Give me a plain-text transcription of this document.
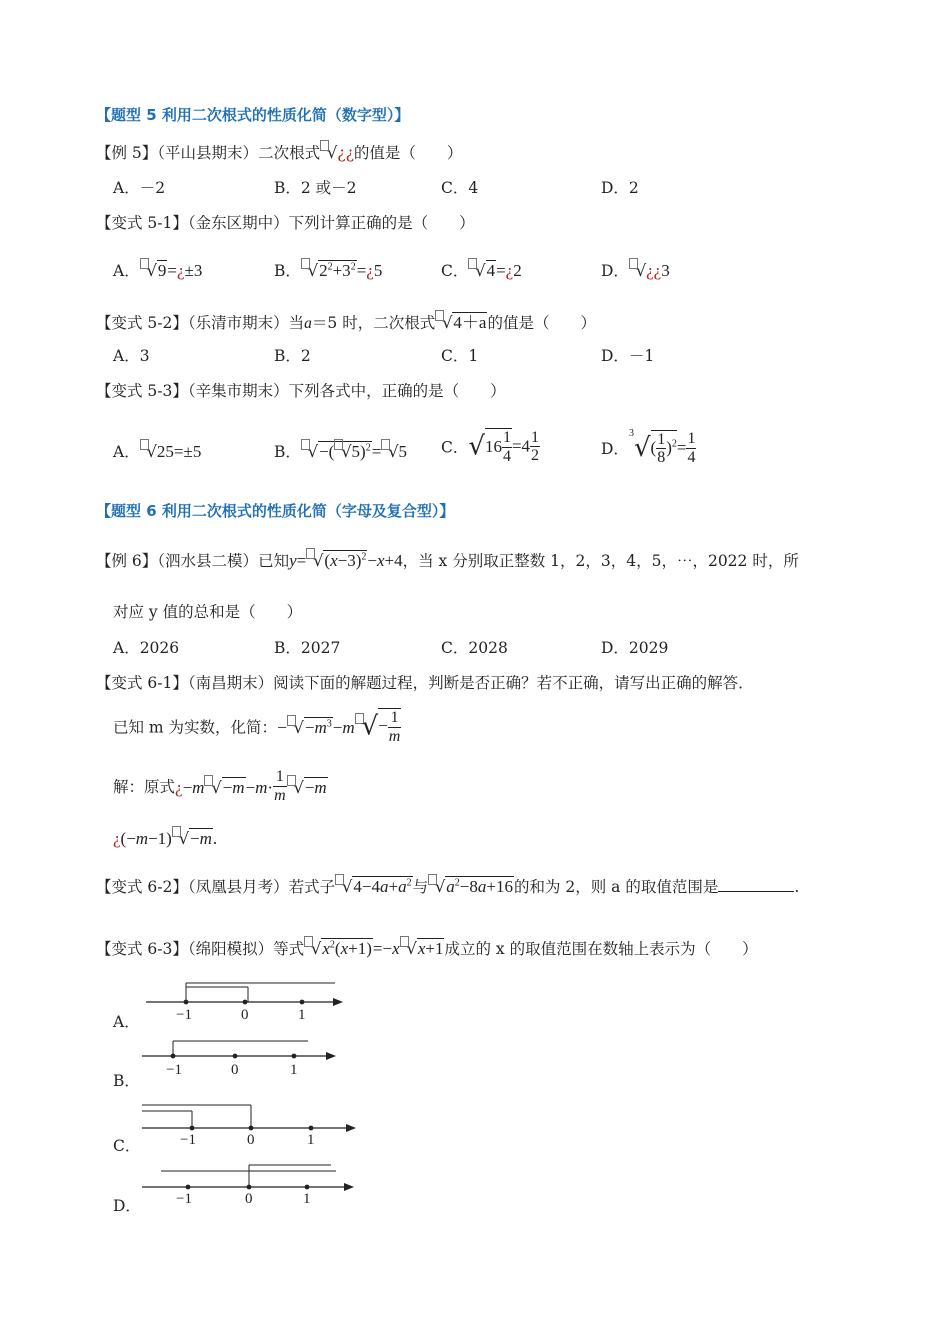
【题型 5 利用二次根式的性质化简（数字型）】
【例 5】（平山县期末）二次根式 √¿¿的值是（　　）
A．－2	B．2 或－2	C．4	D．2
【变式 5-1】（金东区期中）下列计算正确的是（　　）
A． √9=¿±3	B． $√2^2+3^2=¿5$	C． √4=¿2	D． √¿¿3
【变式 5-2】（乐清市期末）当a＝5 时，二次根式 √4＋a的值是（　　）
A．3	B．2	C．1	D．－1
【变式 5-3】（辛集市期末）下列各式中，正确的是（　　）
A． √25=±5	B． √−( √5)$^2$= √5 C．$√16 \frac{1}{4} =4 \frac{1}{2}$	D．$^3√( \frac{1}{8} )^2= \frac{1}{4}$
【题型 6 利用二次根式的性质化简（字母及复合型）】
【例 6】（泗水县二模）已知$y= √(x-3)^2-x+4$，当 x 分别取正整数 1，2，3，4，5，⋯，2022 时，所
对应 y 值的总和是（　　）
A．2026	B．2027	C．2028	D．2029
【变式 6-1】（南昌期末）阅读下面的解题过程，判断是否正确？若不正确，请写出正确的解答．
已知 m 为实数，化简：− $√-m^3-m$ √− $\frac{1}{m}$
解：原式¿−m $√-m-m\cdot \frac{1}{m} √-m$
¿(−m−1) √−m.
【变式 6-2】（凤凰县月考）若式子 $√4-4a+a^2$与 $√a^2-8a+16$的和为 2，则 a 的取值范围是	.
【变式 6-3】（绵阳模拟）等式 $√x^2(x+1)=-x$ √x+1成立的 x 的取值范围在数轴上表示为（　　）
A． −1	0	1
B．
−1	0	1
C．	−1	0	1
D． −1	0	1
